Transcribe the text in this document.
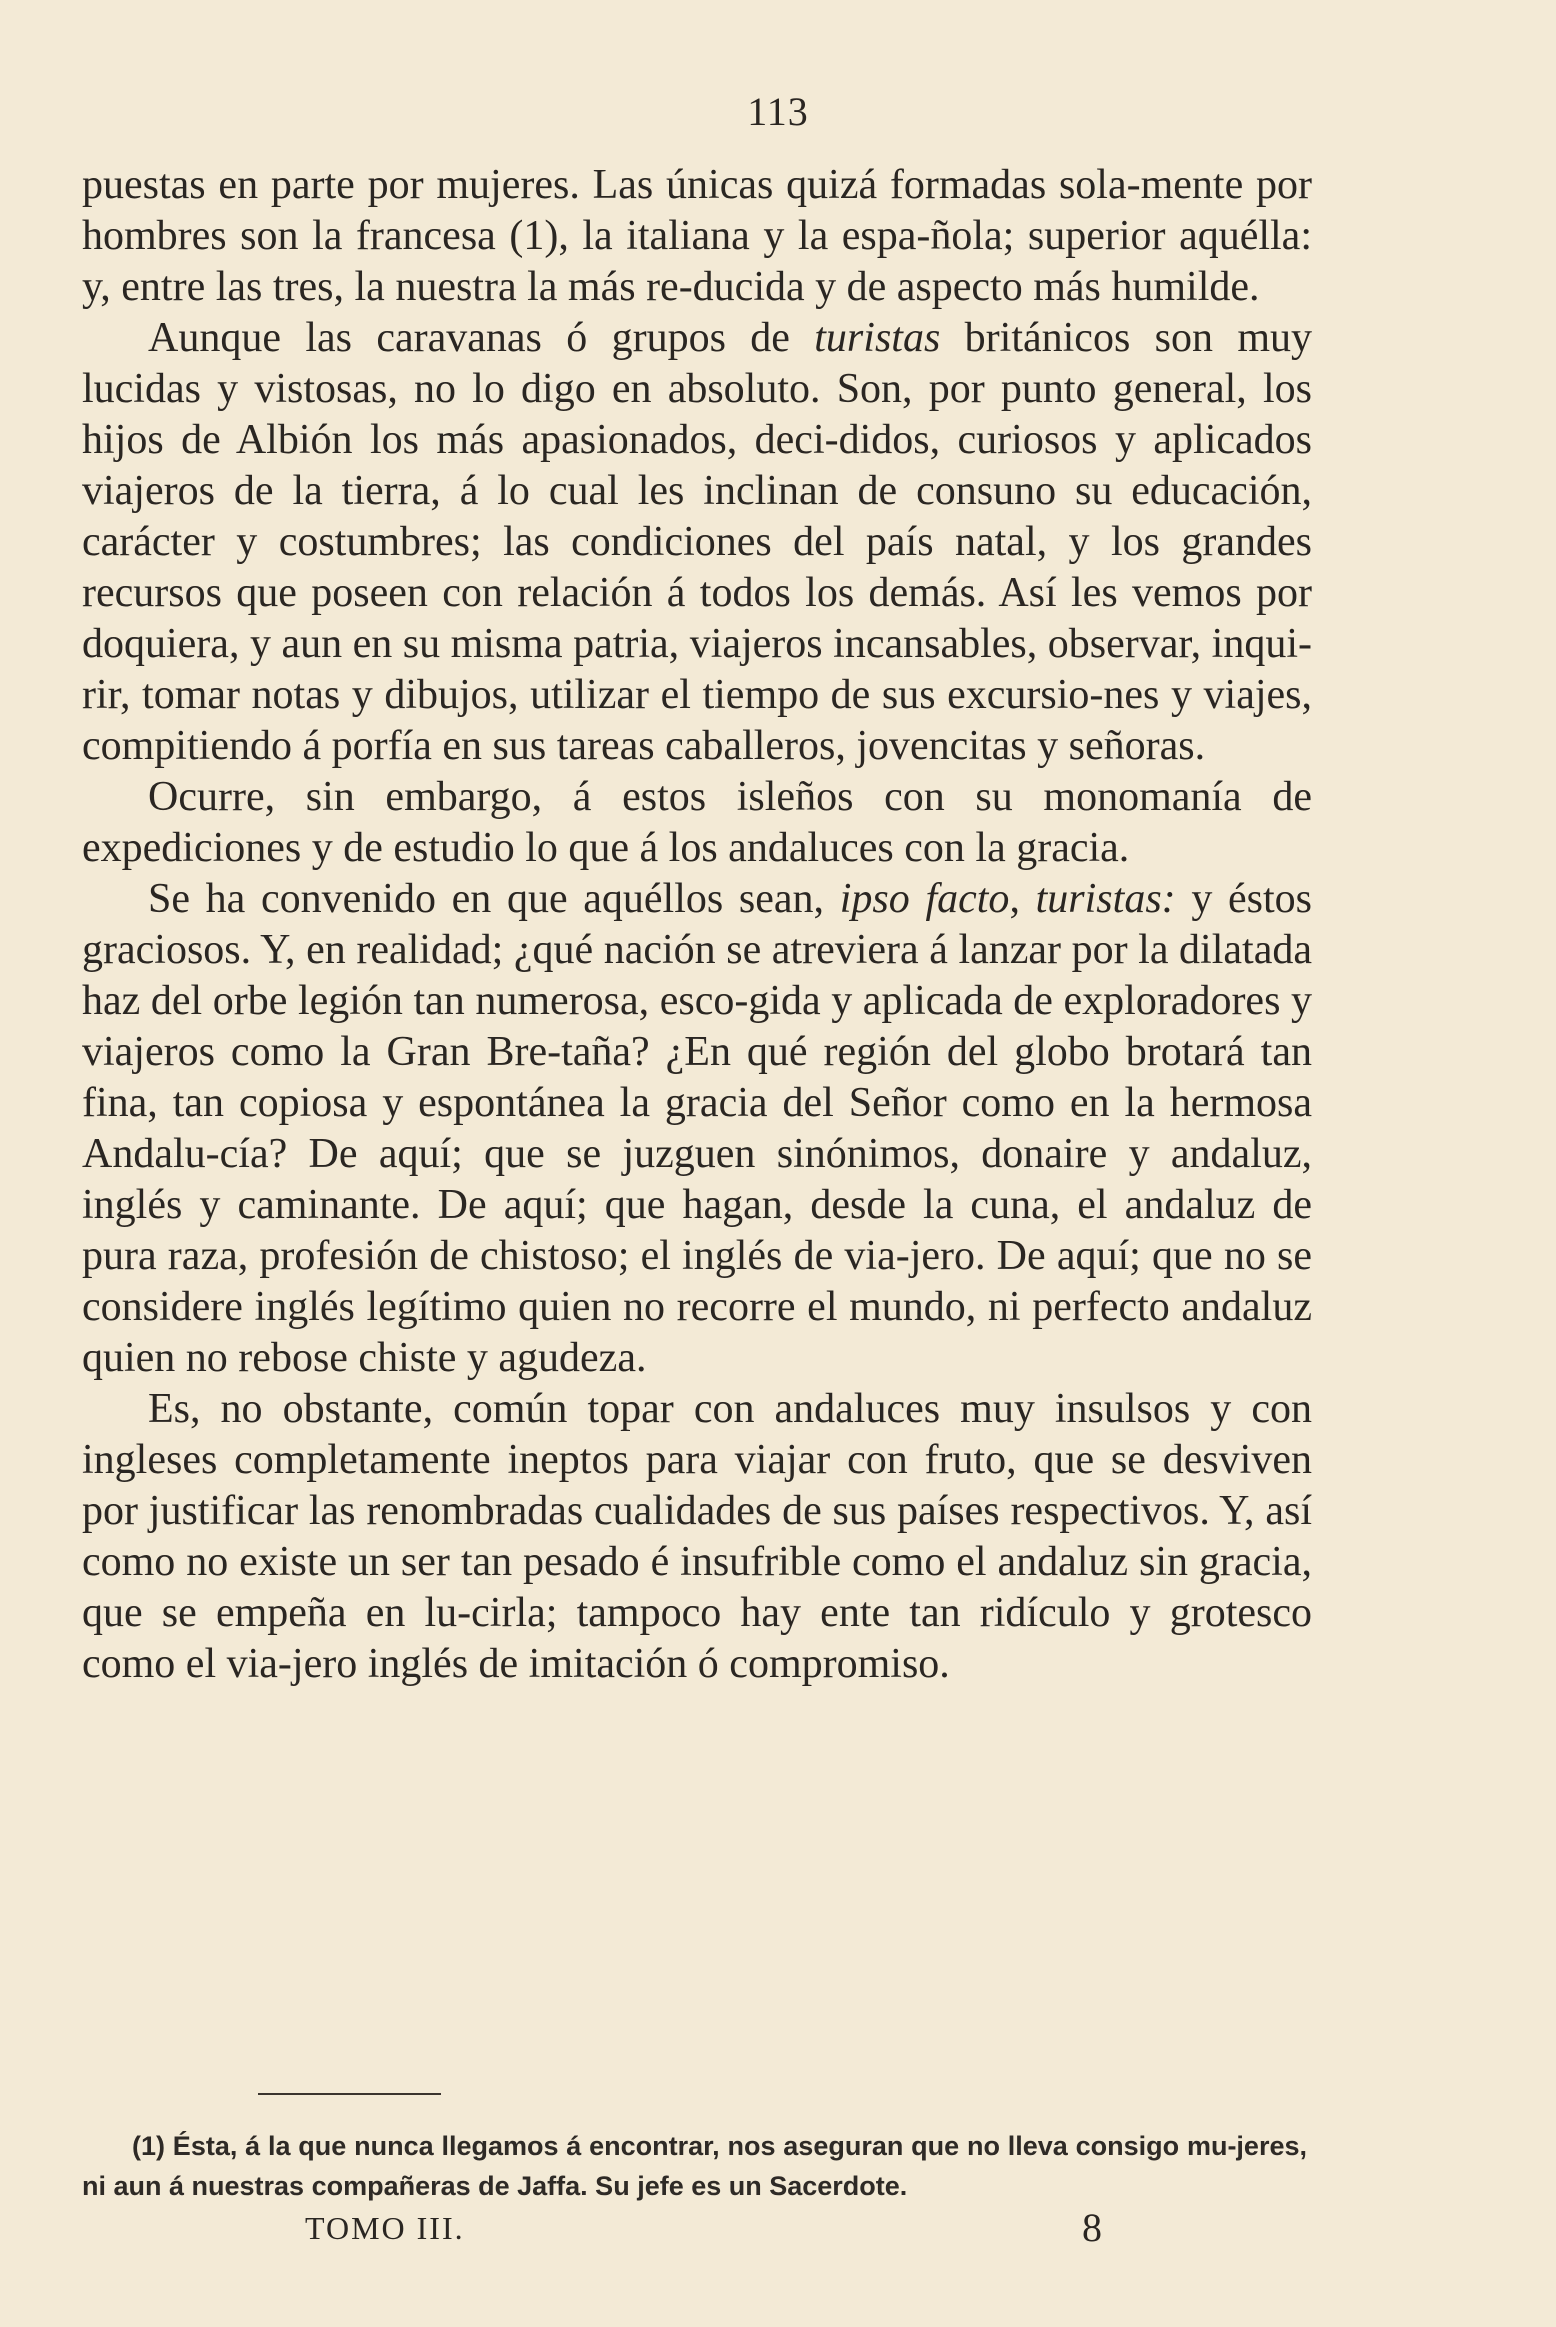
113

puestas en parte por mujeres. Las únicas quizá formadas sola-mente por hombres son la francesa (1), la italiana y la espa-ñola; superior aquélla: y, entre las tres, la nuestra la más re-ducida y de aspecto más humilde.

Aunque las caravanas ó grupos de turistas británicos son muy lucidas y vistosas, no lo digo en absoluto. Son, por punto general, los hijos de Albión los más apasionados, deci-didos, curiosos y aplicados viajeros de la tierra, á lo cual les inclinan de consuno su educación, carácter y costumbres; las condiciones del país natal, y los grandes recursos que poseen con relación á todos los demás. Así les vemos por doquiera, y aun en su misma patria, viajeros incansables, observar, inqui-rir, tomar notas y dibujos, utilizar el tiempo de sus excursio-nes y viajes, compitiendo á porfía en sus tareas caballeros, jovencitas y señoras.

Ocurre, sin embargo, á estos isleños con su monomanía de expediciones y de estudio lo que á los andaluces con la gracia.

Se ha convenido en que aquéllos sean, ipso facto, turistas: y éstos graciosos. Y, en realidad; ¿qué nación se atreviera á lanzar por la dilatada haz del orbe legión tan numerosa, esco-gida y aplicada de exploradores y viajeros como la Gran Bre-taña? ¿En qué región del globo brotará tan fina, tan copiosa y espontánea la gracia del Señor como en la hermosa Andalu-cía? De aquí; que se juzguen sinónimos, donaire y andaluz, inglés y caminante. De aquí; que hagan, desde la cuna, el andaluz de pura raza, profesión de chistoso; el inglés de via-jero. De aquí; que no se considere inglés legítimo quien no recorre el mundo, ni perfecto andaluz quien no rebose chiste y agudeza.

Es, no obstante, común topar con andaluces muy insulsos y con ingleses completamente ineptos para viajar con fruto, que se desviven por justificar las renombradas cualidades de sus países respectivos. Y, así como no existe un ser tan pesado é insufrible como el andaluz sin gracia, que se empeña en lu-cirla; tampoco hay ente tan ridículo y grotesco como el via-jero inglés de imitación ó compromiso.

(1) Ésta, á la que nunca llegamos á encontrar, nos aseguran que no lleva consigo mu-jeres, ni aun á nuestras compañeras de Jaffa. Su jefe es un Sacerdote.
TOMO III.	8
